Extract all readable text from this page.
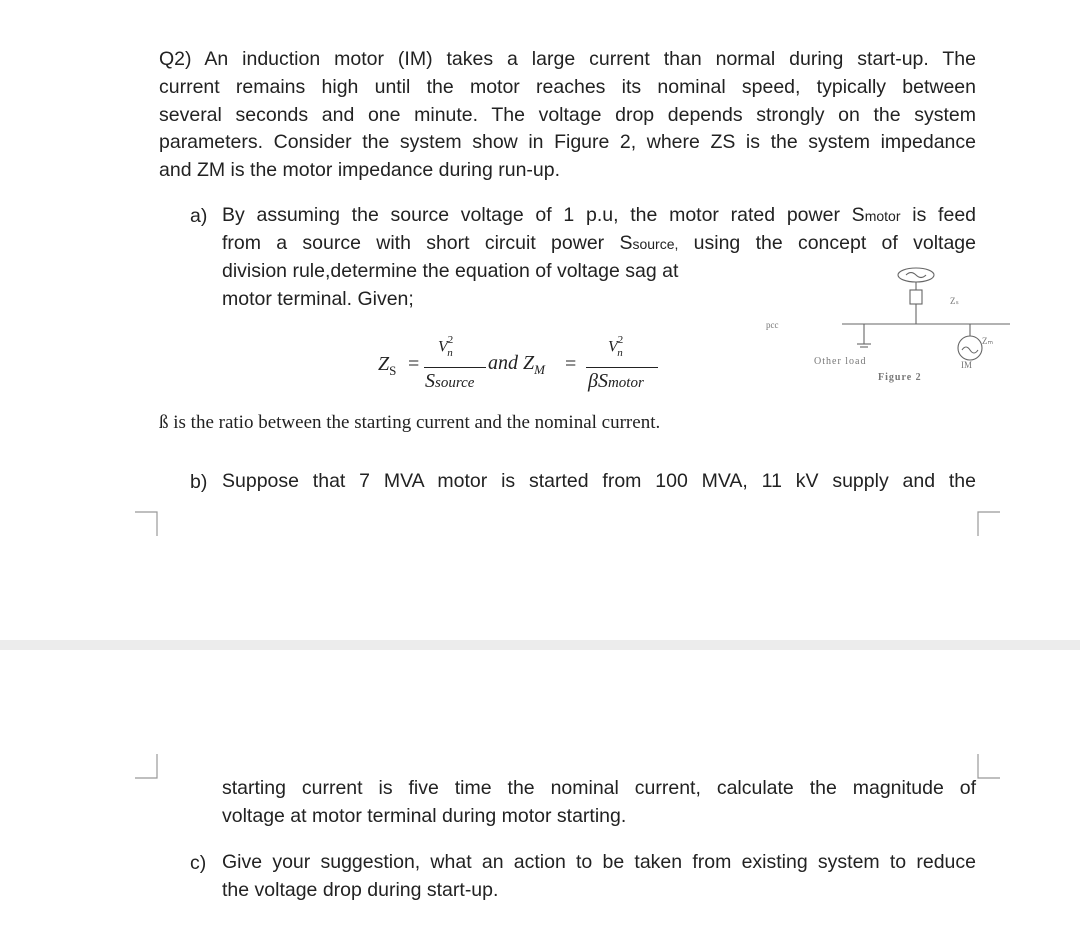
Q2) An induction motor (IM) takes a large current than normal during start-up. The
current remains high until the motor reaches its nominal speed, typically between
several seconds and one minute. The voltage drop depends strongly on the system
parameters. Consider the system show in Figure 2, where ZS is the system impedance
and ZM is the motor impedance during run-up.
a) By assuming the source voltage of 1 p.u, the motor rated power Smotor is feed
from a source with short circuit power Ssource, using the concept of voltage
division rule,determine the equation of voltage sag at
motor terminal. Given;
$Z_S$ =
$V^2_n$
Ssource
and $Z_M$ =
$V^2_n$
βSmotor
pcc
Zₛ
Zₘ
Other load	IM
Figure 2
ß is the ratio between the starting current and the nominal current.
b) Suppose that 7 MVA motor is started from 100 MVA, 11 kV supply and the
starting current is five time the nominal current, calculate the magnitude of
voltage at motor terminal during motor starting.
c) Give your suggestion, what an action to be taken from existing system to reduce
the voltage drop during start-up.
